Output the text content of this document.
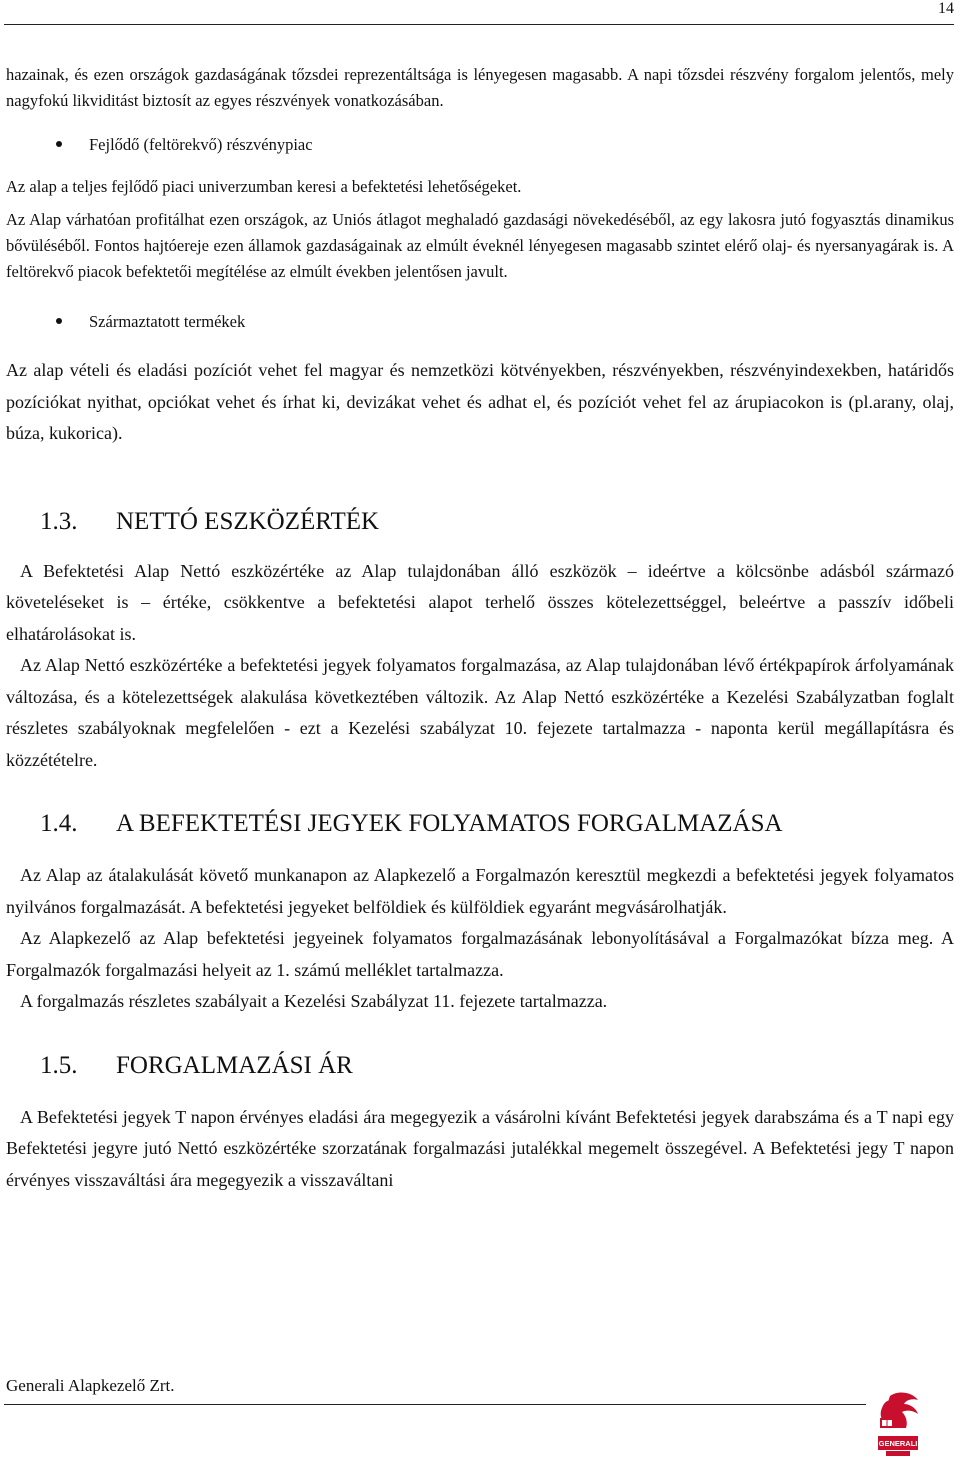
14

hazainak, és ezen országok gazdaságának tőzsdei reprezentáltsága is lényegesen magasabb. A napi tőzsdei részvény forgalom jelentős, mely nagyfokú likviditást biztosít az egyes részvények vonatkozásában.

Fejlődő (feltörekvő) részvénypiac

Az alap a teljes fejlődő piaci univerzumban keresi a befektetési lehetőségeket.

Az Alap várhatóan profitálhat ezen országok, az Uniós átlagot meghaladó gazdasági növekedéséből, az egy lakosra jutó fogyasztás dinamikus bővüléséből. Fontos hajtóereje ezen államok gazdaságainak az elmúlt éveknél lényegesen magasabb szintet elérő olaj- és nyersanyagárak is. A feltörekvő piacok befektetői megítélése az elmúlt években jelentősen javult.

Származtatott termékek

Az alap vételi és eladási pozíciót vehet fel magyar és nemzetközi kötvényekben, részvényekben, részvényindexekben, határidős pozíciókat nyithat, opciókat vehet és írhat ki, devizákat vehet és adhat el, és pozíciót vehet fel az árupiacokon is (pl.arany, olaj, búza, kukorica).

1.3.	NETTÓ ESZKÖZÉRTÉK

A Befektetési Alap Nettó eszközértéke az Alap tulajdonában álló eszközök – ideértve a kölcsönbe adásból származó követeléseket is – értéke, csökkentve a befektetési alapot terhelő összes kötelezettséggel, beleértve a passzív időbeli elhatárolásokat is.

Az Alap Nettó eszközértéke a befektetési jegyek folyamatos forgalmazása, az Alap tulajdonában lévő értékpapírok árfolyamának változása, és a kötelezettségek alakulása következtében változik. Az Alap Nettó eszközértéke a Kezelési Szabályzatban foglalt részletes szabályoknak megfelelően - ezt a Kezelési szabályzat 10. fejezete tartalmazza - naponta kerül megállapításra és közzétételre.

1.4.	A BEFEKTETÉSI JEGYEK FOLYAMATOS FORGALMAZÁSA

Az Alap az átalakulását követő munkanapon az Alapkezelő a Forgalmazón keresztül megkezdi a befektetési jegyek folyamatos nyilvános forgalmazását. A befektetési jegyeket belföldiek és külföldiek egyaránt megvásárolhatják.

Az Alapkezelő az Alap befektetési jegyeinek folyamatos forgalmazásának lebonyolításával a Forgalmazókat bízza meg. A Forgalmazók forgalmazási helyeit az 1. számú melléklet tartalmazza.

A forgalmazás részletes szabályait a Kezelési Szabályzat 11. fejezete tartalmazza.

1.5.	FORGALMAZÁSI ÁR

A Befektetési jegyek T napon érvényes eladási ára megegyezik a vásárolni kívánt Befektetési jegyek darabszáma és a T napi egy Befektetési jegyre jutó Nettó eszközértéke szorzatának forgalmazási jutalékkal megemelt összegével. A Befektetési jegy T napon érvényes visszaváltási ára megegyezik a visszaváltani

Generali Alapkezelő Zrt.
GENERALI
